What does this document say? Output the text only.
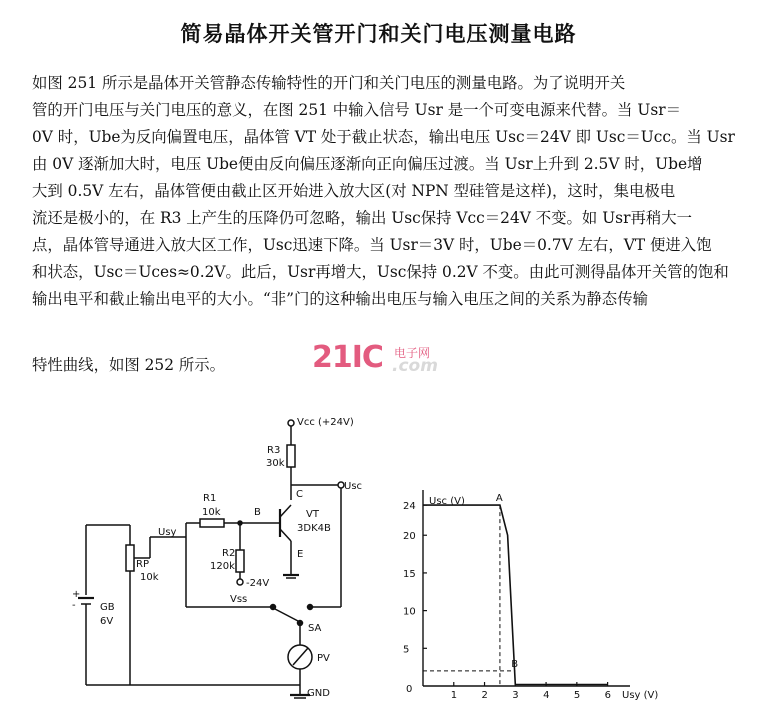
简易晶体开关管开门和关门电压测量电路
如图 251 所示是晶体开关管静态传输特性的开门和关门电压的测量电路。为了说明开关
管的开门电压与关门电压的意义，在图 251 中输入信号 Usr 是一个可变电源来代替。当 Usr＝
0V 时，Ube为反向偏置电压，晶体管 VT 处于截止状态，输出电压 Usc＝24V 即 Usc＝Ucc。当 Usr
由 0V 逐渐加大时，电压 Ube便由反向偏压逐渐向正向偏压过渡。当 Usr上升到 2.5V 时，Ube增
大到 0.5V 左右，晶体管便由截止区开始进入放大区(对 NPN 型硅管是这样)，这时，集电极电
流还是极小的，在 R3 上产生的压降仍可忽略，输出 Usc保持 Vcc＝24V 不变。如 Usr再稍大一
点，晶体管导通进入放大区工作，Usc迅速下降。当 Usr＝3V 时，Ube＝0.7V 左右，VT 便进入饱
和状态，Usc＝Uces≈0.2V。此后，Usr再增大，Usc保持 0.2V 不变。由此可测得晶体开关管的饱和
输出电平和截止输出电平的大小。“非”门的这种输出电压与输入电压之间的关系为静态传输
特性曲线，如图 252 所示。	21IC 电子网
.com
Vcc (+24V)
R3
30k
C
Usc
R1
10k	B	VT
3DK4B
Usy
RP
10k
R2
120k
-24V
Vss
E
GB
6V
+
-
SA
PV
GND
Usc (V)
Usy (V)
0
1 2 3 4 5 6
5
10
15
20
24
A
B
